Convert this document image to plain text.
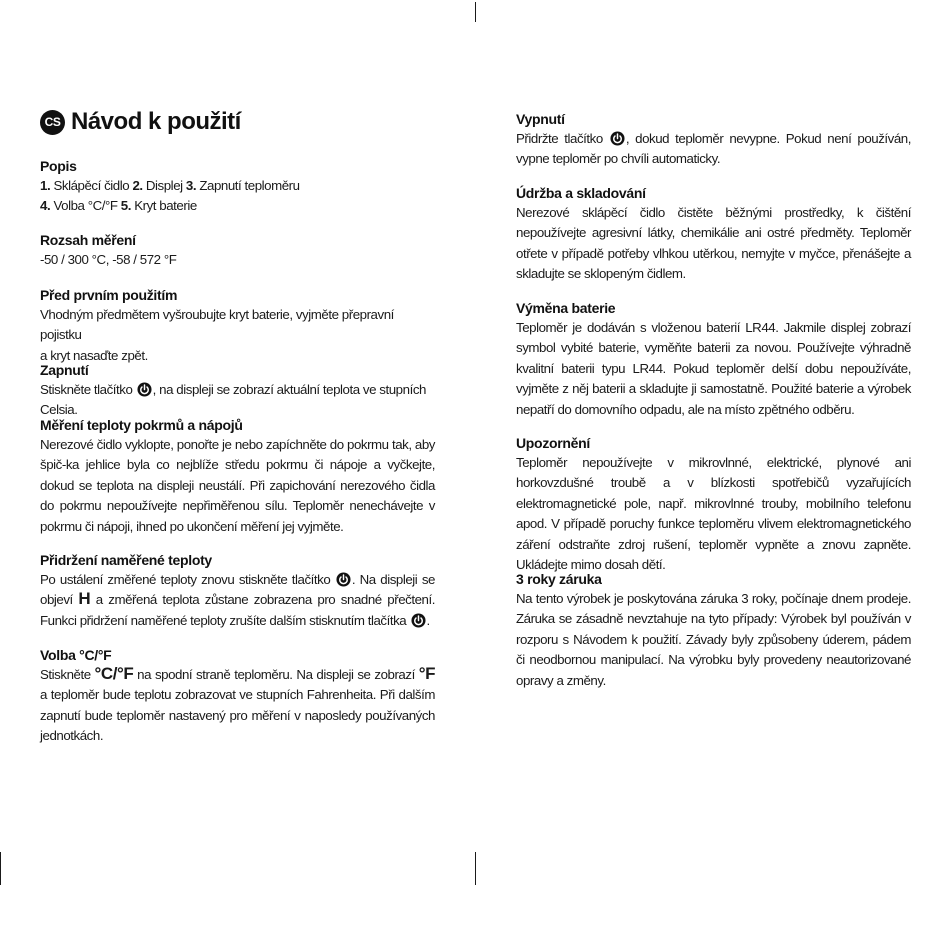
CS Návod k použití
Popis

1. Sklápěcí čidlo 2. Displej 3. Zapnutí teploměru
4. Volba °C/°F 5. Kryt baterie

Rozsah měření

-50 / 300 °C, -58 / 572 °F

Před prvním použitím

Vhodným předmětem vyšroubujte kryt baterie, vyjměte přepravní pojistku
a kryt nasaďte zpět.

Zapnutí

Stiskněte tlačítko , na displeji se zobrazí aktuální teplota ve stupních Celsia.

Měření teploty pokrmů a nápojů

Nerezové čidlo vyklopte, ponořte je nebo zapíchněte do pokrmu tak, aby špič-ka jehlice byla co nejblíže středu pokrmu či nápoje a vyčkejte, dokud se teplota na displeji neustálí. Při zapichování nerezového čidla do pokrmu nepoužívejte nepřiměřenou sílu. Teploměr nenechávejte v pokrmu či nápoji, ihned po ukončení měření jej vyjměte.

Přidržení naměřené teploty

Po ustálení změřené teploty znovu stiskněte tlačítko . Na displeji se objeví H a změřená teplota zůstane zobrazena pro snadné přečtení. Funkci přidržení naměřené teploty zrušíte dalším stisknutím tlačítka .

Volba °C/°F

Stiskněte °C/°F na spodní straně teploměru. Na displeji se zobrazí °F a teploměr bude teplotu zobrazovat ve stupních Fahrenheita. Při dalším zapnutí bude teploměr nastavený pro měření v naposledy používaných jednotkách.

Vypnutí

Přidržte tlačítko , dokud teploměr nevypne. Pokud není používán, vypne teploměr po chvíli automaticky.

Údržba a skladování

Nerezové sklápěcí čidlo čistěte běžnými prostředky, k čištění nepoužívejte agresivní látky, chemikálie ani ostré předměty. Teploměr otřete v případě potřeby vlhkou utěrkou, nemyjte v myčce, přenášejte a skladujte se sklopeným čidlem.

Výměna baterie

Teploměr je dodáván s vloženou baterií LR44. Jakmile displej zobrazí symbol vybité baterie, vyměňte baterii za novou. Používejte výhradně kvalitní baterii typu LR44. Pokud teploměr delší dobu nepoužíváte, vyjměte z něj baterii a skladujte ji samostatně. Použité baterie a výrobek nepatří do domovního odpadu, ale na místo zpětného odběru.

Upozornění

Teploměr nepoužívejte v mikrovlnné, elektrické, plynové ani horkovzdušné troubě a v blízkosti spotřebičů vyzařujících elektromagnetické pole, např. mikrovlnné trouby, mobilního telefonu apod. V případě poruchy funkce teploměru vlivem elektromagnetického záření odstraňte zdroj rušení, teploměr vypněte a znovu zapněte. Ukládejte mimo dosah dětí.

3 roky záruka

Na tento výrobek je poskytována záruka 3 roky, počínaje dnem prodeje. Záruka se zásadně nevztahuje na tyto případy: Výrobek byl používán v rozporu s Návodem k použití. Závady byly způsobeny úderem, pádem či neodbornou manipulací. Na výrobku byly provedeny neautorizované opravy a změny.
